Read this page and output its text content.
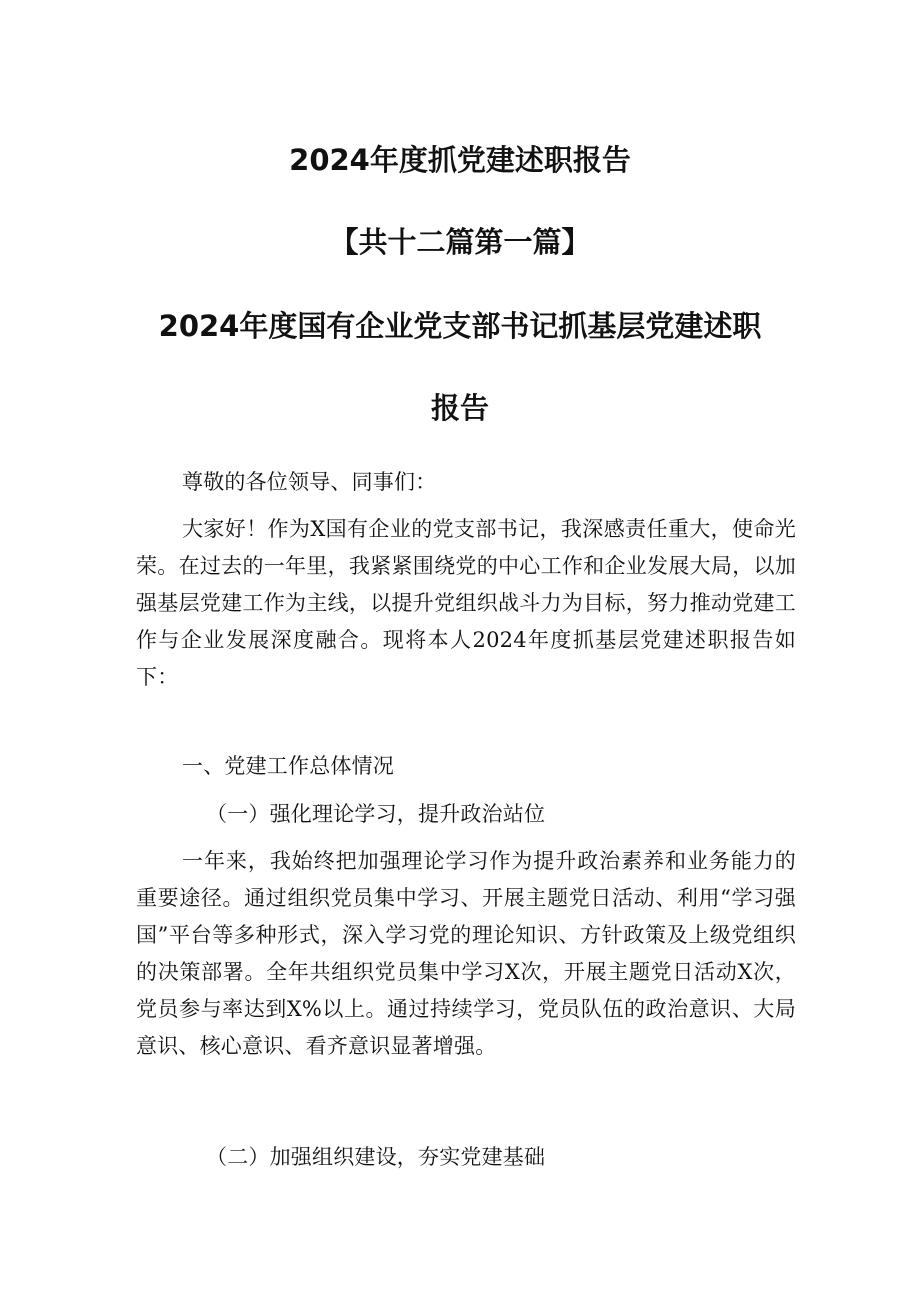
2024年度抓党建述职报告
【共十二篇第一篇】
2024年度国有企业党支部书记抓基层党建述职
报告

尊敬的各位领导、同事们：

大家好！作为X国有企业的党支部书记，我深感责任重大，使命光荣。在过去的一年里，我紧紧围绕党的中心工作和企业发展大局，以加强基层党建工作为主线，以提升党组织战斗力为目标，努力推动党建工作与企业发展深度融合。现将本人2024年度抓基层党建述职报告如下：

一、党建工作总体情况

（一）强化理论学习，提升政治站位

一年来，我始终把加强理论学习作为提升政治素养和业务能力的重要途径。通过组织党员集中学习、开展主题党日活动、利用“学习强国”平台等多种形式，深入学习党的理论知识、方针政策及上级党组织的决策部署。全年共组织党员集中学习X次，开展主题党日活动X次，党员参与率达到X%以上。通过持续学习，党员队伍的政治意识、大局意识、核心意识、看齐意识显著增强。

（二）加强组织建设，夯实党建基础
